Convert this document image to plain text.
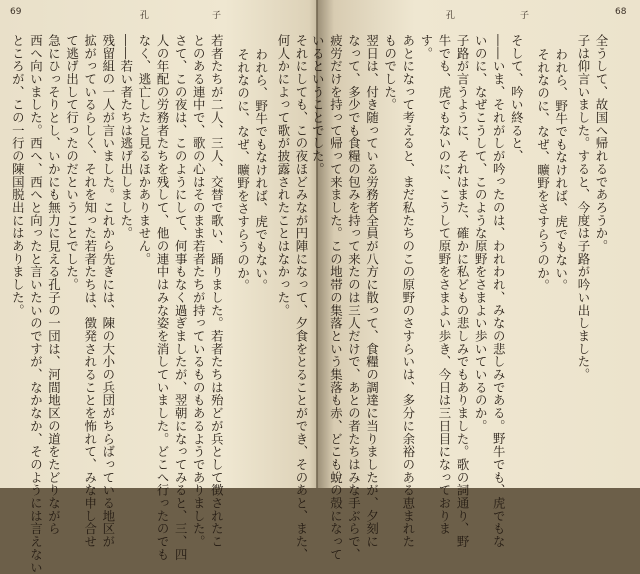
69	孔	子
それにしても、この夜ほどみなが円陣になって、夕食をとることができ、そのあと、また、
何人かによって歌が披露されたことはなかった。
われら、野牛でもなければ、虎でもない。
それなのに、なぜ、曠野をさすらうのか。
若者たちが二人、三人、交替で歌い、踊りました。若者たちは殆どが兵として徴されたこ
とのある連中で、歌の心はそのまま若者たちが持っているものもあるようでありました。
さて、この夜は、このようにして、何事もなく過ぎましたが、翌朝になってみると、三、四
人の年配の労務者たちを残して、他の連中はみな姿を消していました。どこへ行ったのでも
なく、逃亡したと見るほかありません。
――若い者たちは逃げ出しました。
残留組の一人が言いました。これから先きには、陳の大小の兵団がちらばっている地区が
拡がっているらしく、それを知った若者たちは、徴発されることを怖れて、みな申し合せ
て逃げ出して行ったのだということでした。
急にひっそりとし、いかにも無力に見える孔子の一団は、河間地区の道をたどりながら
西へ向いました。西へ、西へと向ったと言いたいのですが、なかなか、そのようには言えない
ところが、この一行の陳国脱出にはありました。
孔	子	68
全うして、故国へ帰れるであろうか。
子は仰言いました。すると、今度は子路が吟い出しました。
われら、野牛でもなければ、虎でもない。
それなのに、なぜ、曠野をさすらうのか。
そして、吟い終ると、
――いま、それがしが吟ったのは、われわれ、みなの悲しみである。野牛でも、虎でもな
いのに、なぜこうして、このような原野をさまよい歩いているのか。
子路が言うように、それはまた、確かに私どもの悲しみでもありました。歌の詞通り、野
牛でも、虎でもないのに、こうして原野をさまよい歩き、今日は三日目になっておりま
す。
あとになって考えると、まだ私たちのこの原野のさすらいは、多分に余裕のある恵まれた
ものでした。
翌日は、付き随っている労務者全員が八方に散って、食糧の調達に当りましたが、夕刻に
なって、多少でも食糧の包みを持って来たのは三人だけで、あとの者たちはみな手ぶらで、
疲労だけを持って帰って来ました。この地帯の集落という集落も赤、どこも蛻の殻になって
いるということでした。
